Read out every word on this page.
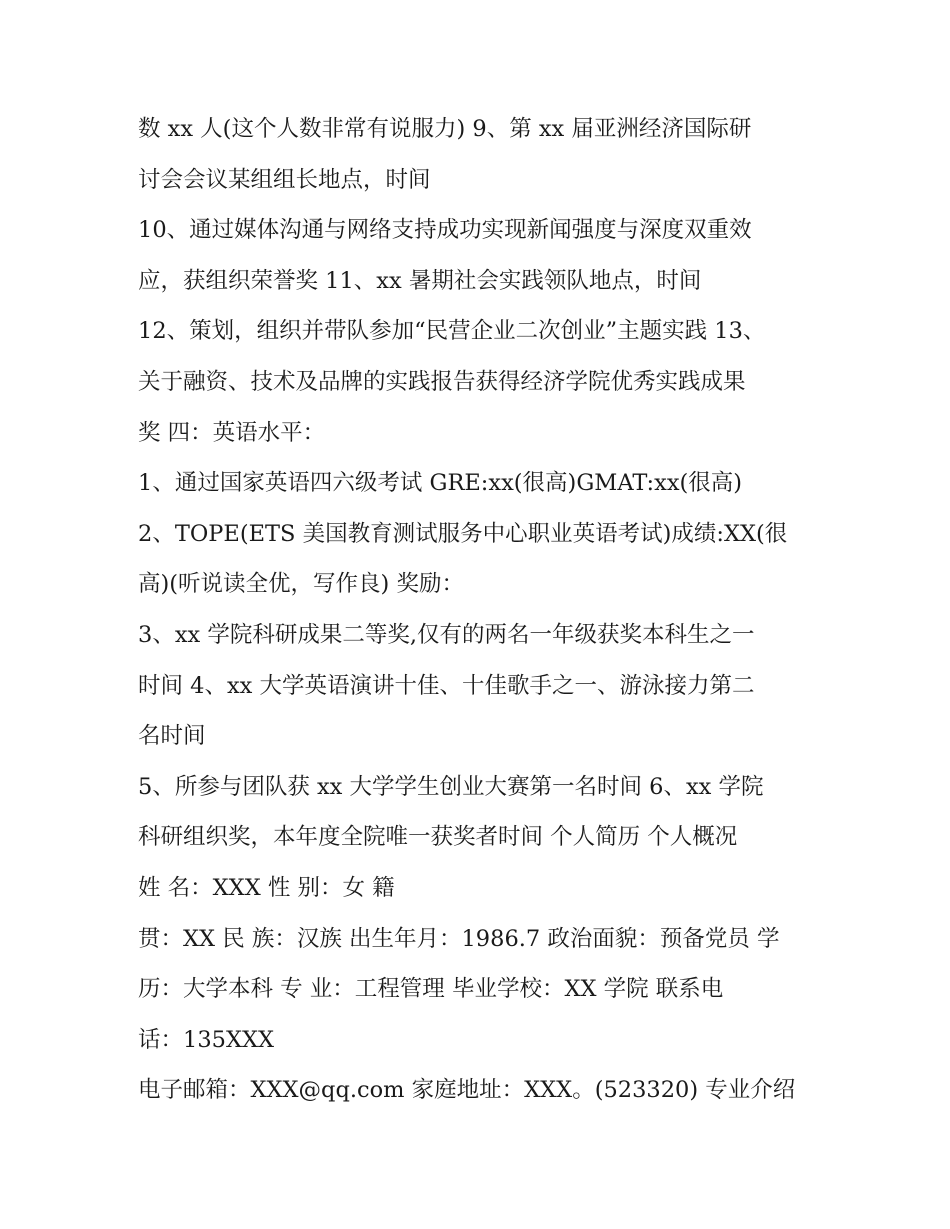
数 xx 人(这个人数非常有说服力) 9、第 xx 届亚洲经济国际研
讨会会议某组组长地点，时间
10、通过媒体沟通与网络支持成功实现新闻强度与深度双重效
应，获组织荣誉奖 11、xx 暑期社会实践领队地点，时间
12、策划，组织并带队参加“民营企业二次创业”主题实践 13、
关于融资、技术及品牌的实践报告获得经济学院优秀实践成果
奖 四：英语水平：
1、通过国家英语四六级考试 GRE:xx(很高)GMAT:xx(很高)
2、TOPE(ETS 美国教育测试服务中心职业英语考试)成绩:XX(很
高)(听说读全优，写作良) 奖励：
3、xx 学院科研成果二等奖,仅有的两名一年级获奖本科生之一
时间 4、xx 大学英语演讲十佳、十佳歌手之一、游泳接力第二
名时间
5、所参与团队获 xx 大学学生创业大赛第一名时间 6、xx 学院
科研组织奖，本年度全院唯一获奖者时间 个人简历 个人概况
姓 名：XXX 性 别：女 籍
贯：XX 民 族：汉族 出生年月：1986.7 政治面貌：预备党员 学
历：大学本科 专 业：工程管理 毕业学校：XX 学院 联系电
话：135XXX
电子邮箱：XXX@qq.com 家庭地址：XXX。(523320) 专业介绍
